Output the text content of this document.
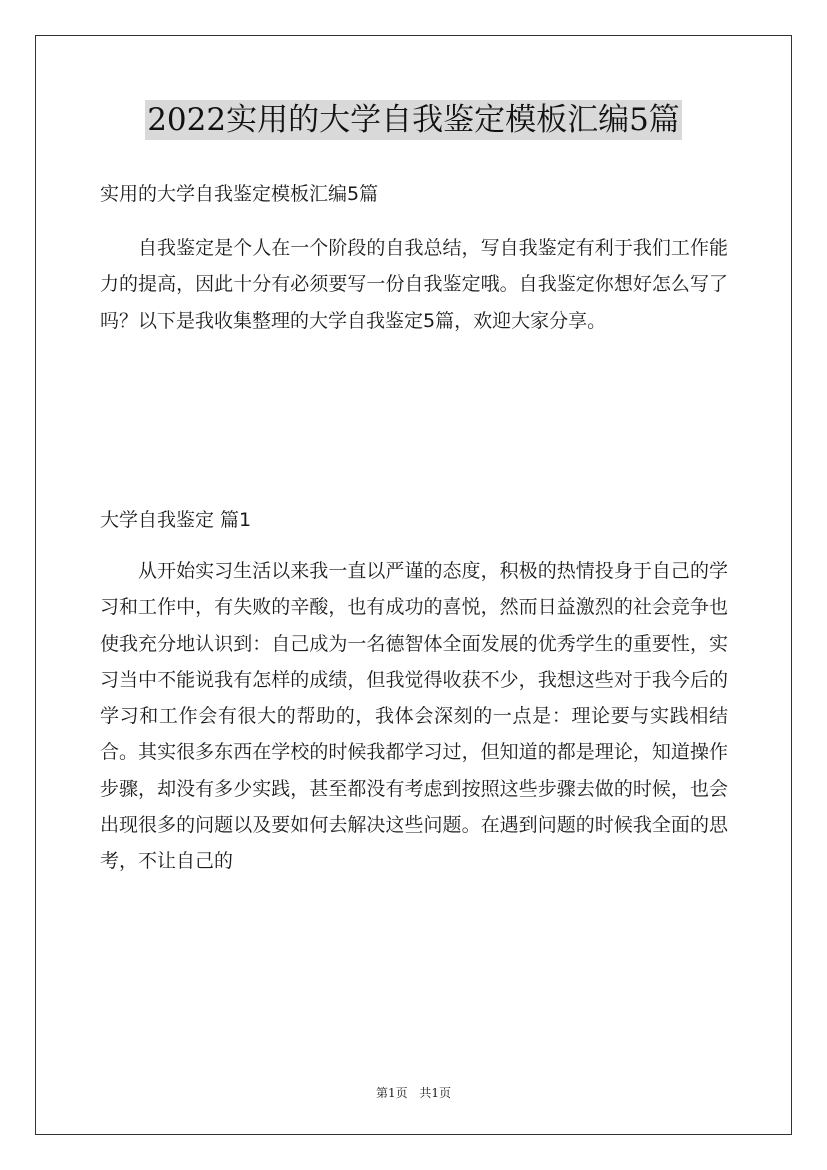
2022实用的大学自我鉴定模板汇编5篇
实用的大学自我鉴定模板汇编5篇
自我鉴定是个人在一个阶段的自我总结，写自我鉴定有利于我们工作能力的提高，因此十分有必须要写一份自我鉴定哦。自我鉴定你想好怎么写了吗？以下是我收集整理的大学自我鉴定5篇，欢迎大家分享。
大学自我鉴定 篇1
从开始实习生活以来我一直以严谨的态度，积极的热情投身于自己的学习和工作中，有失败的辛酸，也有成功的喜悦，然而日益激烈的社会竞争也使我充分地认识到：自己成为一名德智体全面发展的优秀学生的重要性，实习当中不能说我有怎样的成绩，但我觉得收获不少，我想这些对于我今后的学习和工作会有很大的帮助的，我体会深刻的一点是：理论要与实践相结合。其实很多东西在学校的时候我都学习过，但知道的都是理论，知道操作步骤，却没有多少实践，甚至都没有考虑到按照这些步骤去做的时候，也会出现很多的问题以及要如何去解决这些问题。在遇到问题的时候我全面的思考，不让自己的
第1页 共1页
